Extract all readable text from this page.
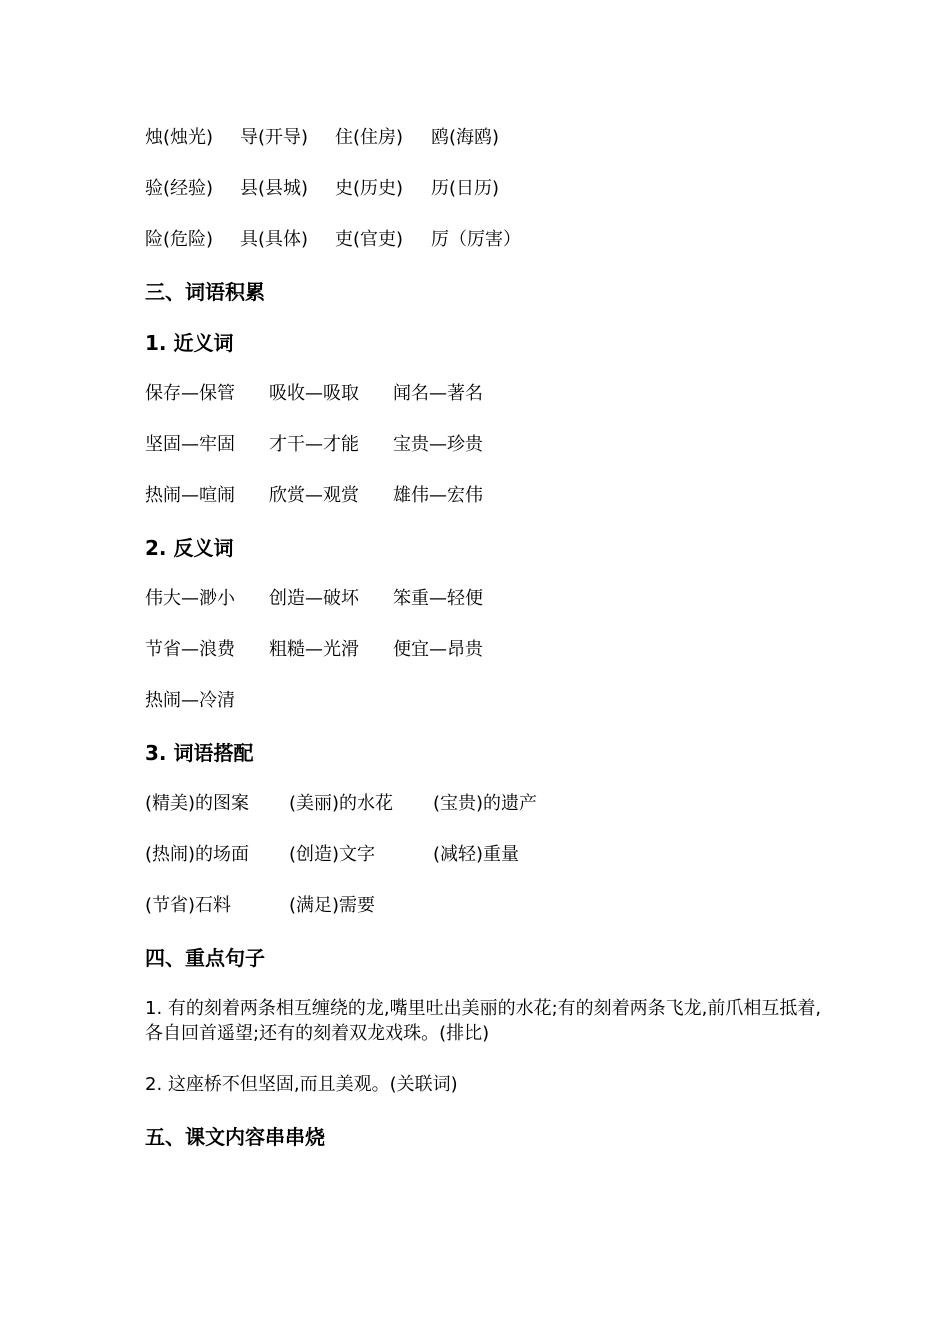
烛(烛光) 导(开导) 住(住房) 鸥(海鸥)
验(经验) 县(县城) 史(历史) 历(日历)
险(危险) 具(具体) 吏(官吏) 厉（厉害）
三、词语积累
1. 近义词
保存—保管 吸收—吸取 闻名—著名
坚固—牢固 才干—才能 宝贵—珍贵
热闹—喧闹 欣赏—观赏 雄伟—宏伟
2. 反义词
伟大—渺小 创造—破坏 笨重—轻便
节省—浪费 粗糙—光滑 便宜—昂贵
热闹—冷清
3. 词语搭配
(精美)的图案 (美丽)的水花 (宝贵)的遗产
(热闹)的场面 (创造)文字	(减轻)重量
(节省)石料	(满足)需要
四、重点句子

1. 有的刻着两条相互缠绕的龙,嘴里吐出美丽的水花;有的刻着两条飞龙,前爪相互抵着,各自回首遥望;还有的刻着双龙戏珠。(排比)

2. 这座桥不但坚固,而且美观。(关联词)

五、课文内容串串烧
